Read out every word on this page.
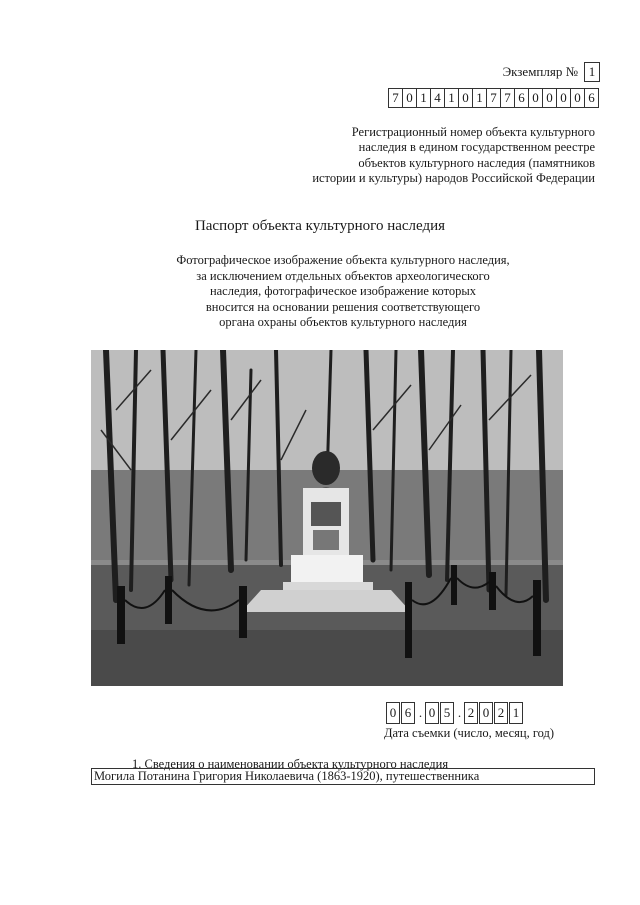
Экземпляр № 1
7 0 1 4 1 0 1 7 7 6 0 0 0 0 6
Регистрационный номер объекта культурного
наследия в едином государственном реестре
объектов культурного наследия (памятников
истории и культуры) народов Российской Федерации
Паспорт объекта культурного наследия
Фотографическое изображение объекта культурного наследия,
за исключением отдельных объектов археологического
наследия, фотографическое изображение которых
вносится на основании решения соответствующего
органа охраны объектов культурного наследия
0 6 . 0 5 . 2 0 2 1
Дата съемки (число, месяц, год)
1. Сведения о наименовании объекта культурного наследия
Могила Потанина Григория Николаевича (1863-1920), путешественника
